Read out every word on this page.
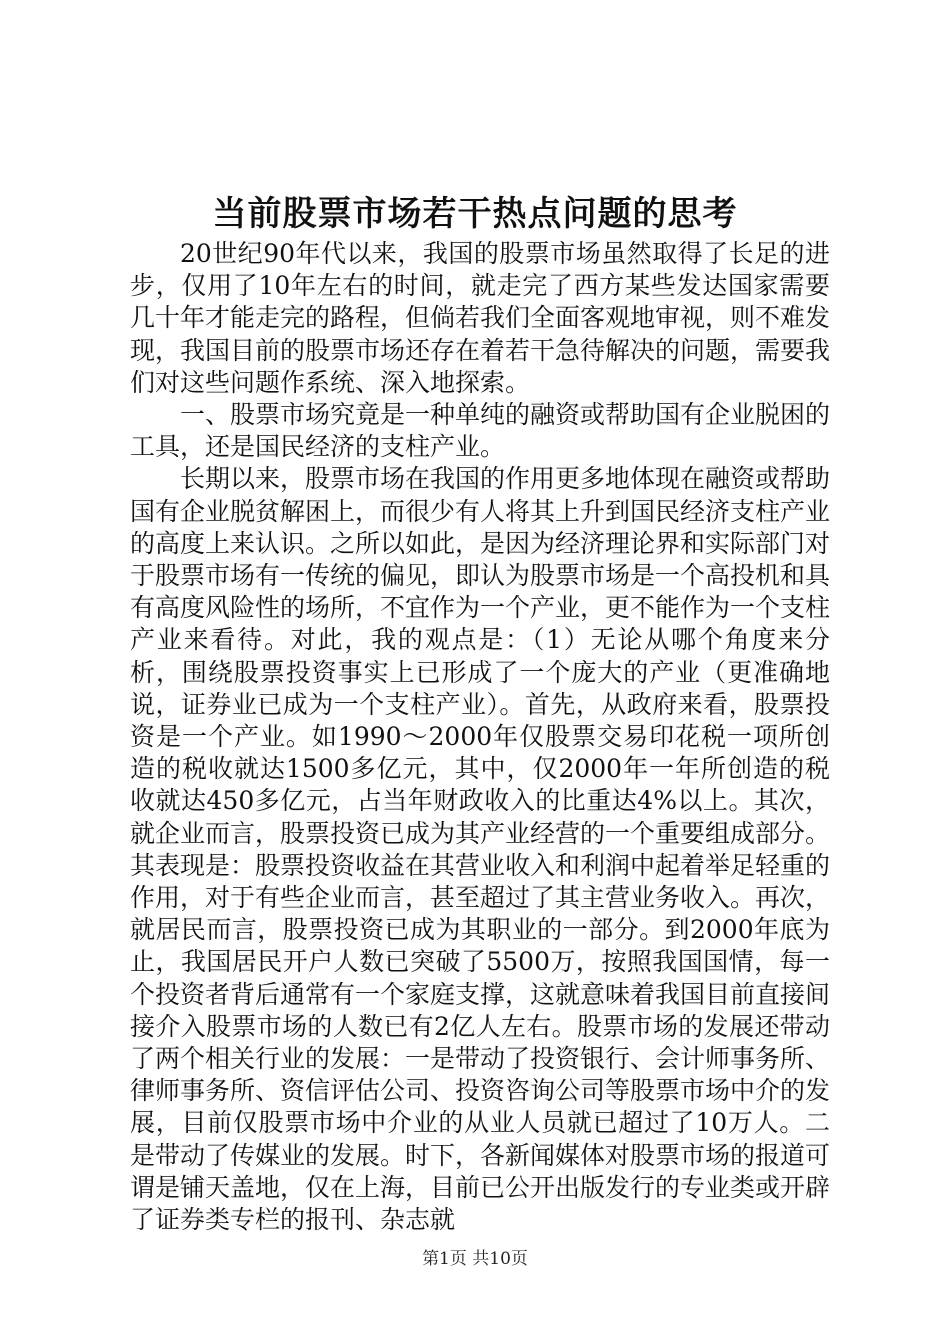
当前股票市场若干热点问题的思考

20世纪90年代以来，我国的股票市场虽然取得了长足的进步，仅用了10年左右的时间，就走完了西方某些发达国家需要几十年才能走完的路程，但倘若我们全面客观地审视，则不难发现，我国目前的股票市场还存在着若干急待解决的问题，需要我们对这些问题作系统、深入地探索。

一、股票市场究竟是一种单纯的融资或帮助国有企业脱困的工具，还是国民经济的支柱产业。

长期以来，股票市场在我国的作用更多地体现在融资或帮助国有企业脱贫解困上，而很少有人将其上升到国民经济支柱产业的高度上来认识。之所以如此，是因为经济理论界和实际部门对于股票市场有一传统的偏见，即认为股票市场是一个高投机和具有高度风险性的场所，不宜作为一个产业，更不能作为一个支柱产业来看待。对此，我的观点是：（1）无论从哪个角度来分析，围绕股票投资事实上已形成了一个庞大的产业（更准确地说，证券业已成为一个支柱产业）。首先，从政府来看，股票投资是一个产业。如1990～2000年仅股票交易印花税一项所创造的税收就达1500多亿元，其中，仅2000年一年所创造的税收就达450多亿元，占当年财政收入的比重达4%以上。其次，就企业而言，股票投资已成为其产业经营的一个重要组成部分。其表现是：股票投资收益在其营业收入和利润中起着举足轻重的作用，对于有些企业而言，甚至超过了其主营业务收入。再次，就居民而言，股票投资已成为其职业的一部分。到2000年底为止，我国居民开户人数已突破了5500万，按照我国国情，每一个投资者背后通常有一个家庭支撑，这就意味着我国目前直接间接介入股票市场的人数已有2亿人左右。股票市场的发展还带动了两个相关行业的发展：一是带动了投资银行、会计师事务所、律师事务所、资信评估公司、投资咨询公司等股票市场中介的发展，目前仅股票市场中介业的从业人员就已超过了10万人。二是带动了传媒业的发展。时下，各新闻媒体对股票市场的报道可谓是铺天盖地，仅在上海，目前已公开出版发行的专业类或开辟了证券类专栏的报刊、杂志就

第1页 共10页
